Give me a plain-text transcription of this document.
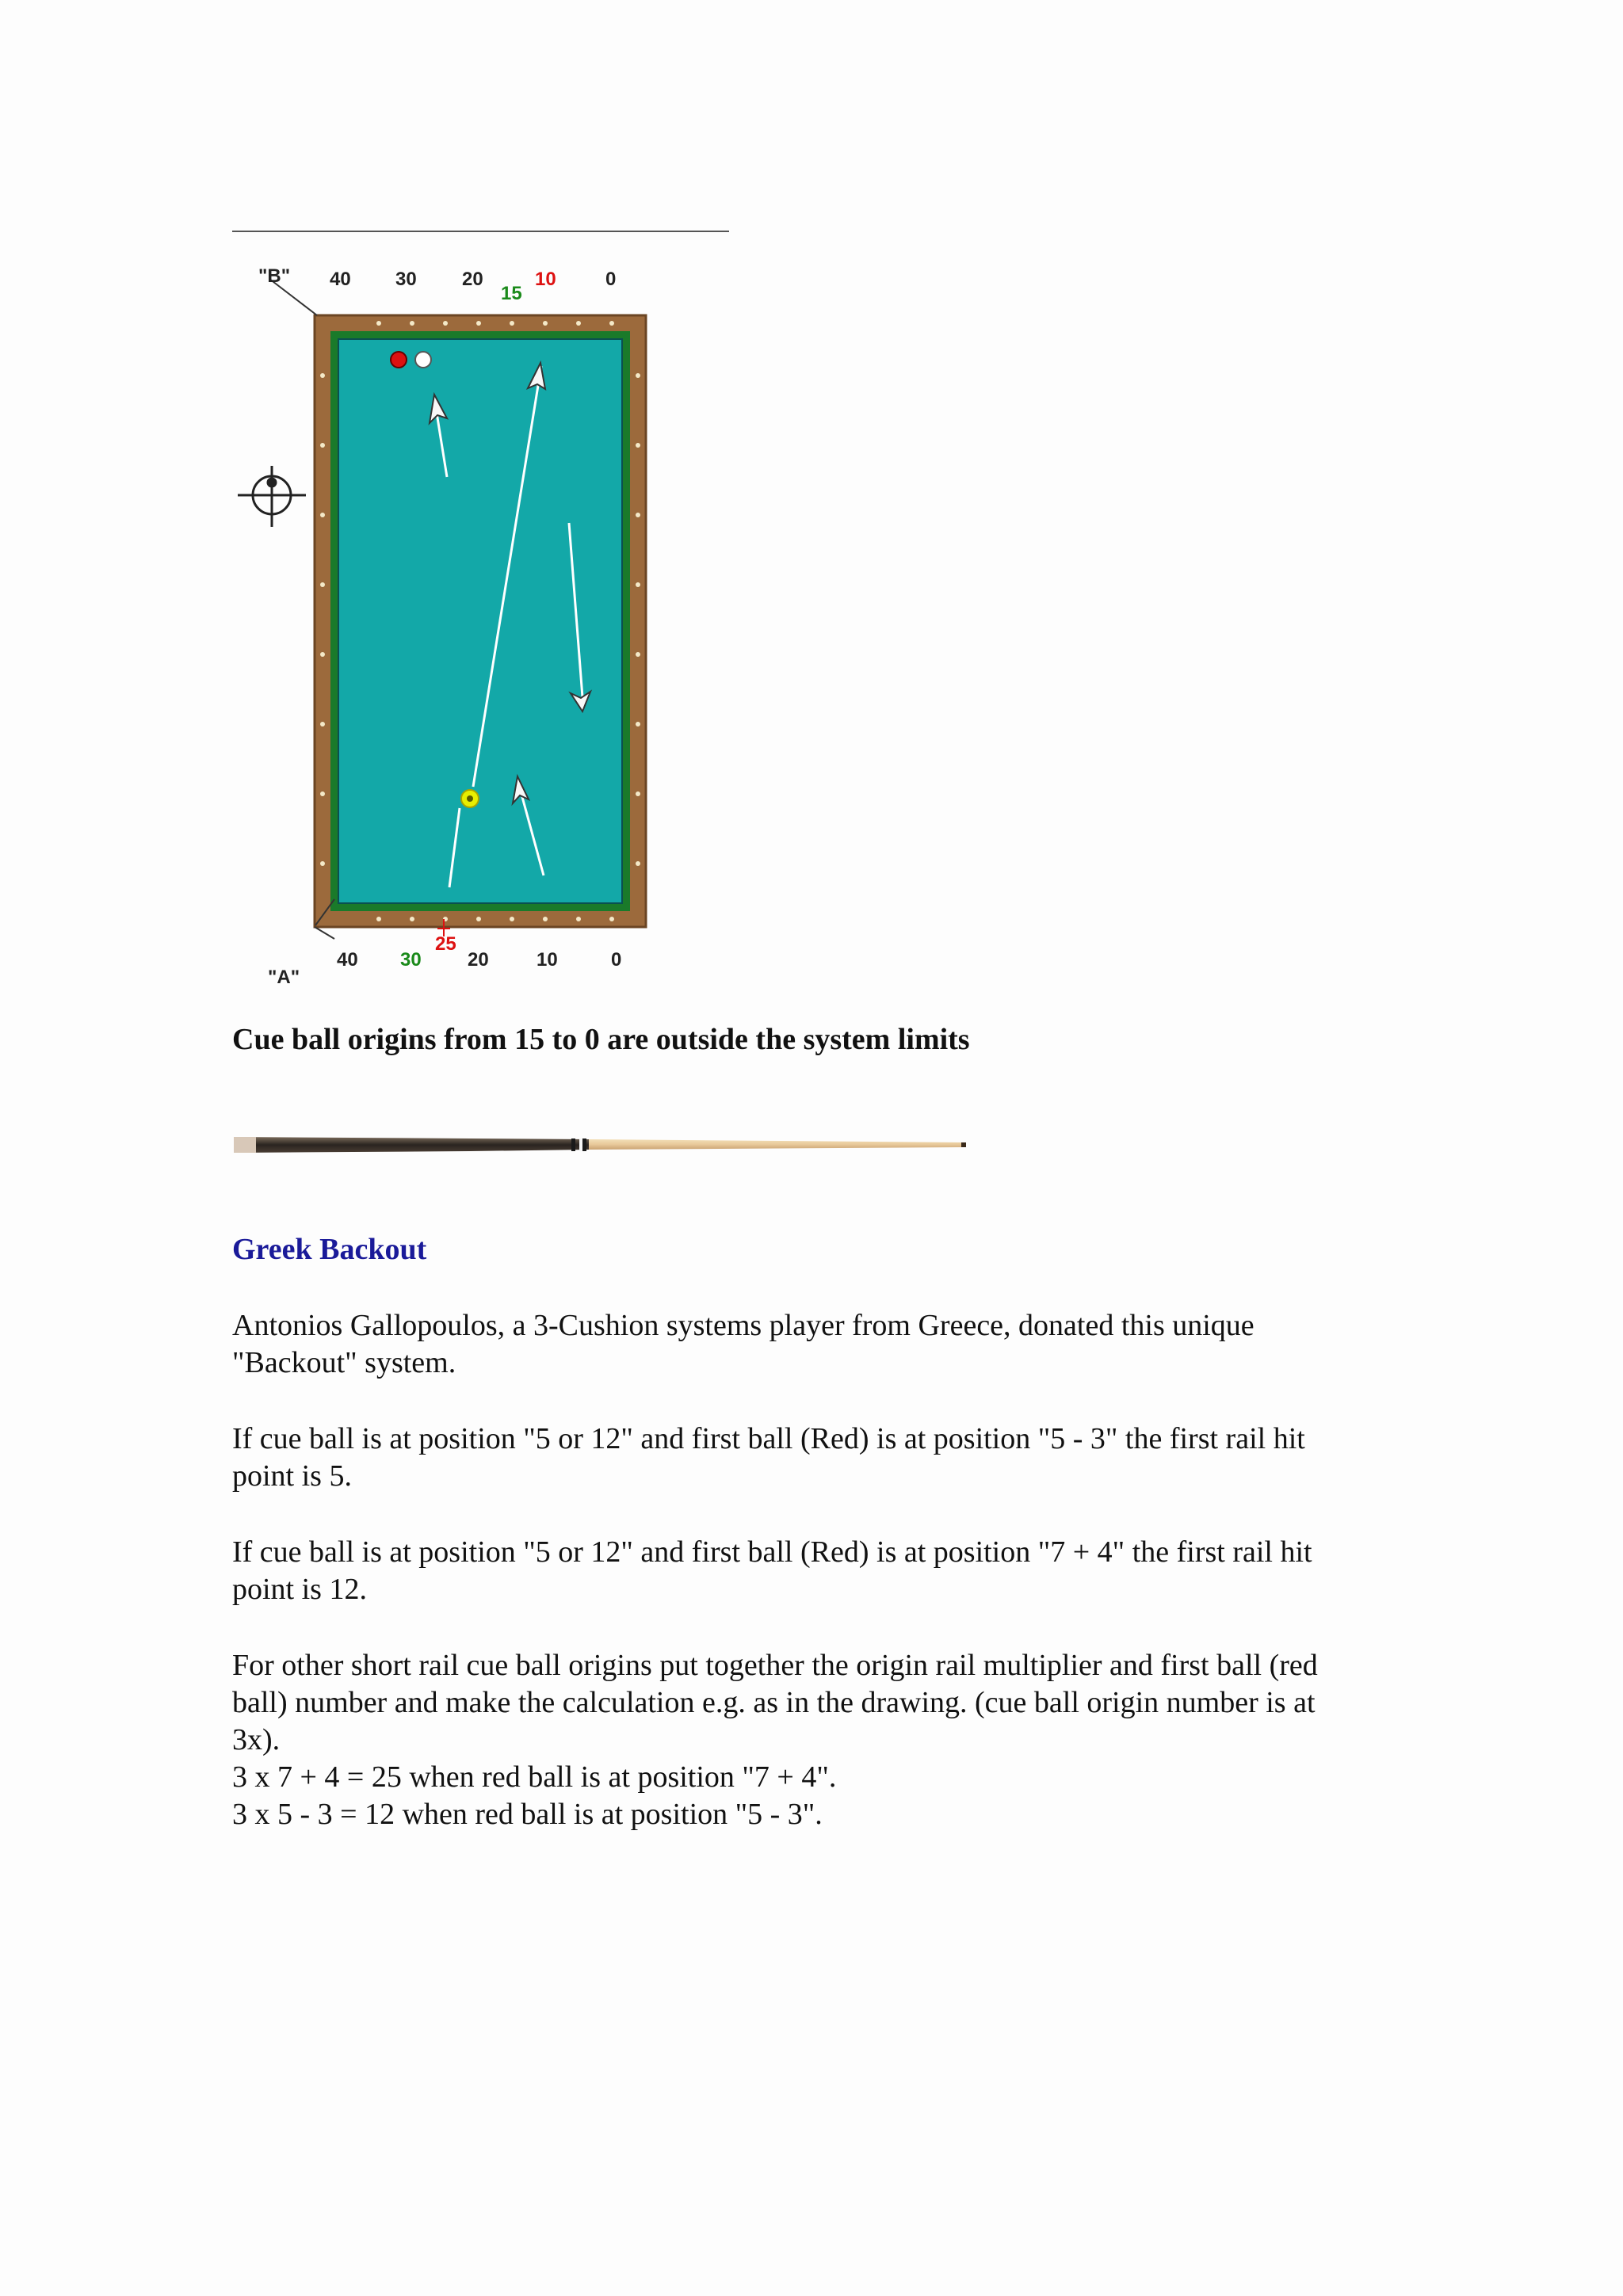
"B"
"A"
40 30 20
15
10	0
40 30
25
20	10	0
Cue ball origins from 15 to 0 are outside the system limits
Greek Backout

Antonios Gallopoulos, a 3-Cushion systems player from Greece, donated this unique "Backout" system.

If cue ball is at position "5 or 12" and first ball (Red) is at position "5 - 3" the first rail hit point is 5.

If cue ball is at position "5 or 12" and first ball (Red) is at position "7 + 4" the first rail hit point is 12.

For other short rail cue ball origins put together the origin rail multiplier and first ball (red ball) number and make the calculation e.g. as in the drawing. (cue ball origin number is at 3x).

3 x 7 + 4 = 25 when red ball is at position "7 + 4".

3 x 5 - 3 = 12 when red ball is at position "5 - 3".
